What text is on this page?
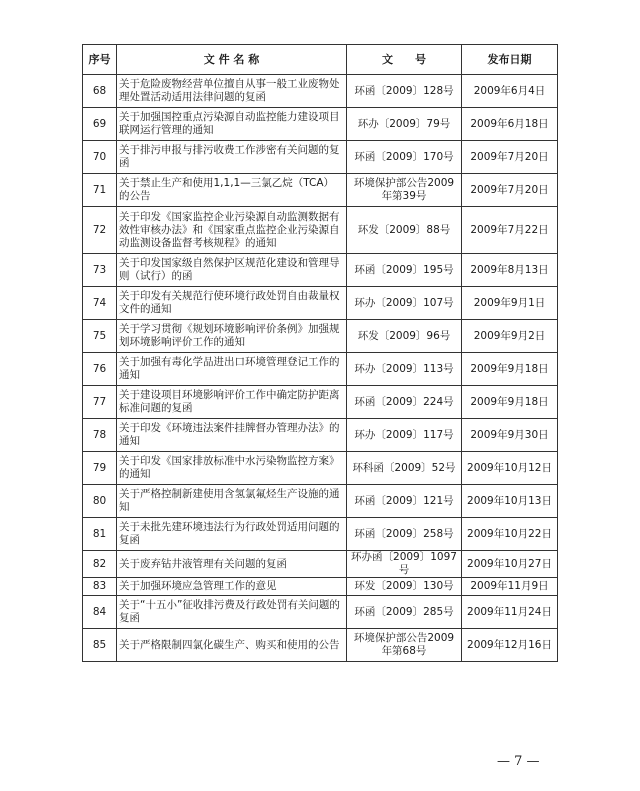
序号	文 件 名 称	文　　号	发布日期
68	关于危险废物经营单位擅自从事一般工业废物处理处置活动适用法律问题的复函	环函〔2009〕128号	2009年6月4日
69	关于加强国控重点污染源自动监控能力建设项目联网运行管理的通知	环办〔2009〕79号	2009年6月18日
70	关于排污申报与排污收费工作涉密有关问题的复函	环函〔2009〕170号	2009年7月20日
71	关于禁止生产和使用1,1,1—三氯乙烷（TCA）的公告	环境保护部公告2009年第39号	2009年7月20日
72	关于印发《国家监控企业污染源自动监测数据有效性审核办法》和《国家重点监控企业污染源自动监测设备监督考核规程》的通知	环发〔2009〕88号	2009年7月22日
73	关于印发国家级自然保护区规范化建设和管理导则（试行）的函	环函〔2009〕195号	2009年8月13日
74	关于印发有关规范行使环境行政处罚自由裁量权文件的通知	环办〔2009〕107号	2009年9月1日
75	关于学习贯彻《规划环境影响评价条例》加强规划环境影响评价工作的通知	环发〔2009〕96号	2009年9月2日
76	关于加强有毒化学品进出口环境管理登记工作的通知	环办〔2009〕113号	2009年9月18日
77	关于建设项目环境影响评价工作中确定防护距离标准问题的复函	环函〔2009〕224号	2009年9月18日
78	关于印发《环境违法案件挂牌督办管理办法》的通知	环办〔2009〕117号	2009年9月30日
79	关于印发《国家排放标准中水污染物监控方案》的通知	环科函〔2009〕52号	2009年10月12日
80	关于严格控制新建使用含氢氯氟烃生产设施的通知	环函〔2009〕121号	2009年10月13日
81	关于未批先建环境违法行为行政处罚适用问题的复函	环函〔2009〕258号	2009年10月22日
82	关于废弃钻井液管理有关问题的复函	环办函〔2009〕1097号	2009年10月27日
83	关于加强环境应急管理工作的意见	环发〔2009〕130号	2009年11月9日
84	关于“十五小”征收排污费及行政处罚有关问题的复函	环函〔2009〕285号	2009年11月24日
85	关于严格限制四氯化碳生产、购买和使用的公告	环境保护部公告2009年第68号	2009年12月16日
— 7 —
